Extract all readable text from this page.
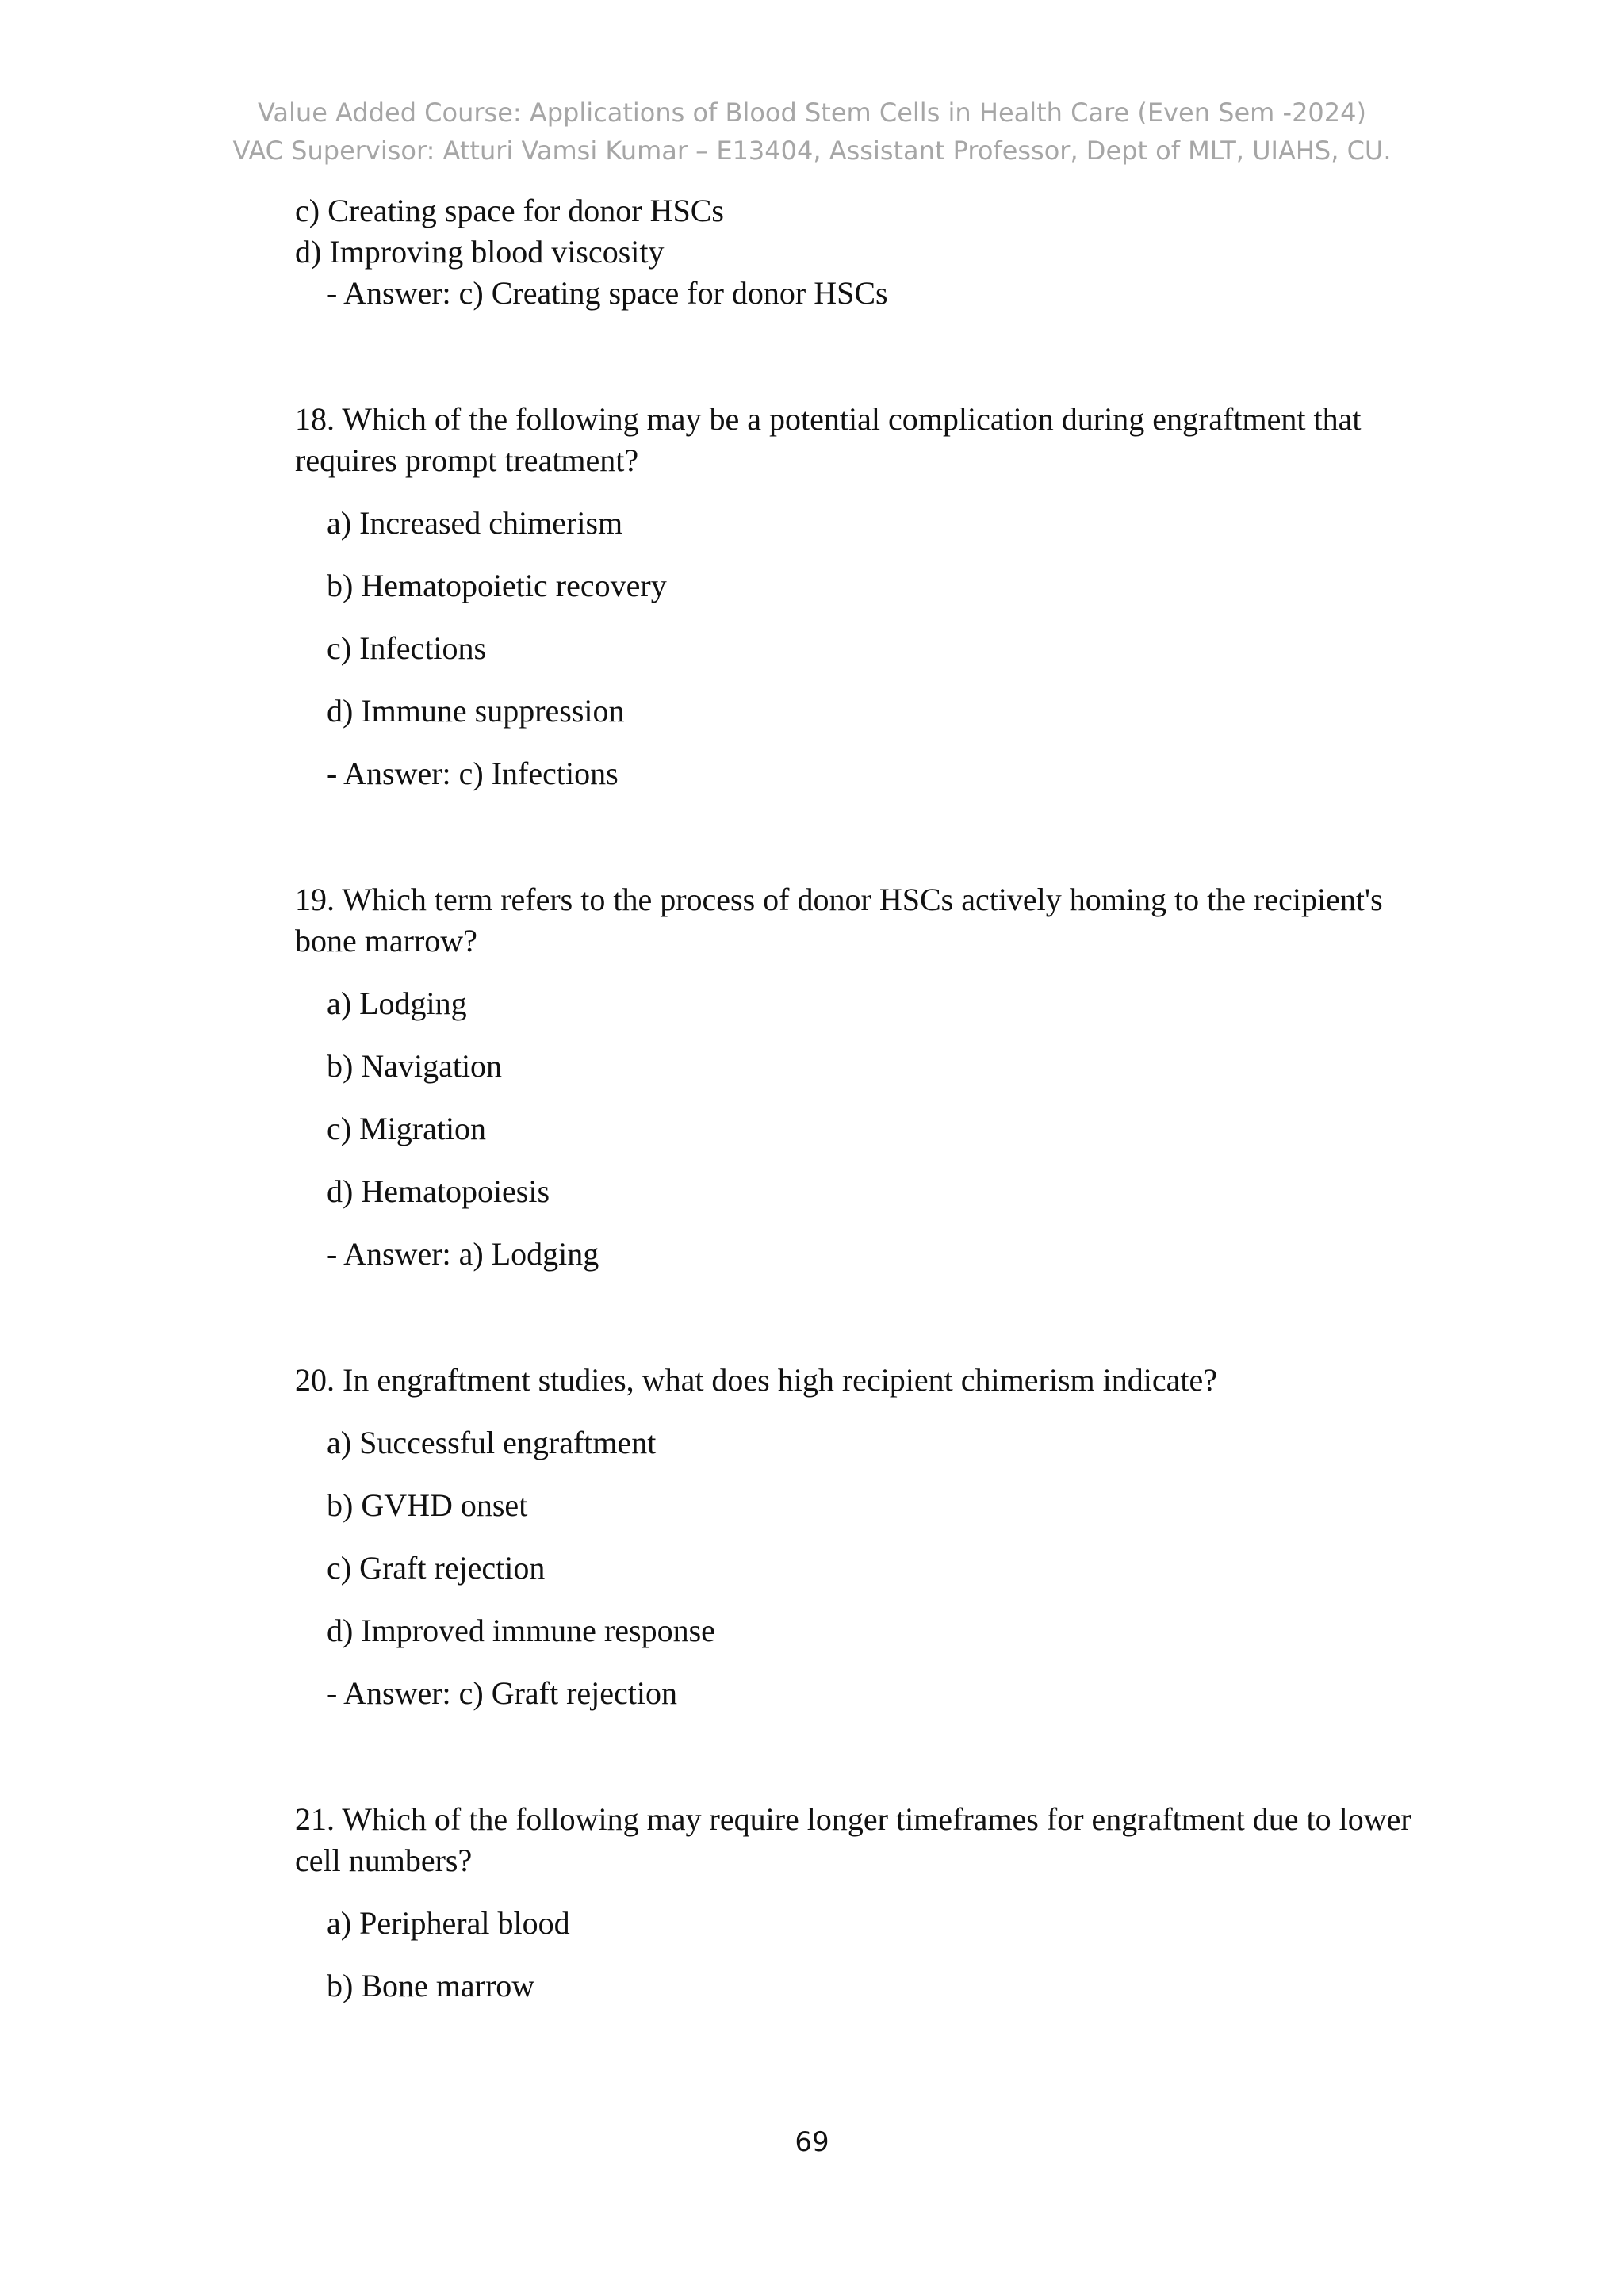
Value Added Course: Applications of Blood Stem Cells in Health Care (Even Sem -2024)
VAC Supervisor: Atturi Vamsi Kumar – E13404, Assistant Professor, Dept of MLT, UIAHS, CU.
c) Creating space for donor HSCs
d) Improving blood viscosity
- Answer: c) Creating space for donor HSCs
18. Which of the following may be a potential complication during engraftment that requires prompt treatment?
a) Increased chimerism
b) Hematopoietic recovery
c) Infections
d) Immune suppression
- Answer: c) Infections
19. Which term refers to the process of donor HSCs actively homing to the recipient's bone marrow?
a) Lodging
b) Navigation
c) Migration
d) Hematopoiesis
- Answer: a) Lodging
20. In engraftment studies, what does high recipient chimerism indicate?
a) Successful engraftment
b) GVHD onset
c) Graft rejection
d) Improved immune response
- Answer: c) Graft rejection
21. Which of the following may require longer timeframes for engraftment due to lower cell numbers?
a) Peripheral blood
b) Bone marrow
69
